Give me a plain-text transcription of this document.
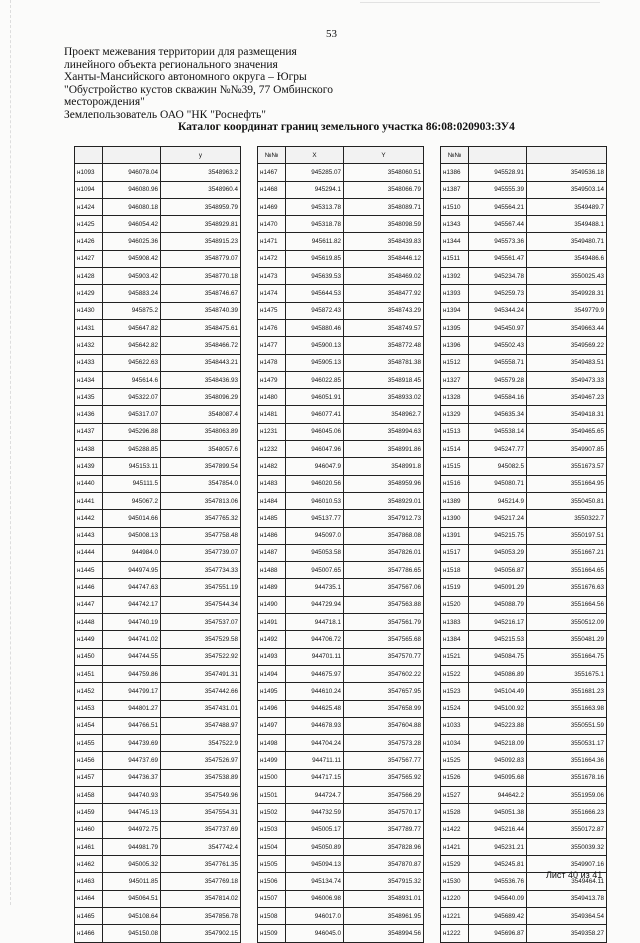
53
Проект межевания территории для размещения
линейного объекта регионального значения
Ханты-Мансийского автономного округа – Югры
"Обустройство кустов скважин №№39, 77 Омбинского
месторождения"
Землепользователь ОАО "НК "Роснефть"
Каталог координат границ земельного участка 86:08:020903:ЗУ4
		у
н1093	946078.04	3548963.2
н1094	946080.96	3548960.4
н1424	946080.18	3548959.79
н1425	946054.42	3548929.81
н1426	946025.36	3548915.23
н1427	945908.42	3548779.07
н1428	945903.42	3548770.18
н1429	945883.24	3548746.67
н1430	945875.2	3548740.39
н1431	945647.82	3548475.61
н1432	945642.82	3548466.72
н1433	945622.63	3548443.21
н1434	945614.6	3548436.93
н1435	945322.07	3548096.29
н1436	945317.07	3548087.4
н1437	945296.88	3548063.89
н1438	945288.85	3548057.6
н1439	945153.11	3547899.54
н1440	945111.5	3547854.0
н1441	945067.2	3547813.06
н1442	945014.66	3547765.32
н1443	945008.13	3547758.48
н1444	944984.0	3547739.07
н1445	944974.95	3547734.33
н1446	944747.63	3547551.19
н1447	944742.17	3547544.34
н1448	944740.19	3547537.07
н1449	944741.02	3547529.58
н1450	944744.55	3547522.92
н1451	944759.86	3547491.31
н1452	944799.17	3547442.66
н1453	944801.27	3547431.01
н1454	944766.51	3547488.97
н1455	944739.69	3547522.9
н1456	944737.69	3547526.97
н1457	944736.37	3547538.89
н1458	944740.93	3547549.96
н1459	944745.13	3547554.31
н1460	944972.75	3547737.69
н1461	944981.79	3547742.4
н1462	945005.32	3547761.35
н1463	945011.85	3547769.18
н1464	945064.51	3547814.02
н1465	945108.64	3547856.78
н1466	945150.08	3547902.15
№№	X	Y
н1467	945285.07	3548060.51
н1468	945294.1	3548066.79
н1469	945313.78	3548089.71
н1470	945318.78	3548098.59
н1471	945611.82	3548439.83
н1472	945619.85	3548446.12
н1473	945639.53	3548469.02
н1474	945644.53	3548477.92
н1475	945872.43	3548743.29
н1476	945880.46	3548749.57
н1477	945900.13	3548772.48
н1478	945905.13	3548781.38
н1479	946022.85	3548918.45
н1480	946051.91	3548933.02
н1481	946077.41	3548962.7
н1231	946045.06	3548994.63
н1232	946047.96	3548991.86
н1482	946047.9	3548991.8
н1483	946020.56	3548959.96
н1484	946010.53	3548929.01
н1485	945137.77	3547912.73
н1486	945097.0	3547868.08
н1487	945053.58	3547826.01
н1488	945007.65	3547786.65
н1489	944735.1	3547567.06
н1490	944729.94	3547563.88
н1491	944718.1	3547561.79
н1492	944706.72	3547565.68
н1493	944701.11	3547570.77
н1494	944675.97	3547602.22
н1495	944610.24	3547657.95
н1496	944625.48	3547658.99
н1497	944678.93	3547604.88
н1498	944704.24	3547573.28
н1499	944711.11	3547567.77
н1500	944717.15	3547565.92
н1501	944724.7	3547566.29
н1502	944732.59	3547570.17
н1503	945005.17	3547789.77
н1504	945050.89	3547828.96
н1505	945094.13	3547870.87
н1506	945134.74	3547915.32
н1507	946006.98	3548931.01
н1508	946017.0	3548961.95
н1509	946045.0	3548994.56
№№		
н1386	945528.91	3549536.18
н1387	945555.39	3549503.14
н1510	945564.21	3549489.7
н1343	945567.44	3549488.1
н1344	945573.36	3549480.71
н1511	945561.47	3549486.6
н1392	945234.78	3550025.43
н1393	945259.73	3549928.31
н1394	945344.24	3549779.9
н1395	945450.97	3549663.44
н1396	945502.43	3549569.22
н1512	945558.71	3549483.51
н1327	945579.28	3549473.33
н1328	945584.16	3549467.23
н1329	945635.34	3549418.31
н1513	945538.14	3549465.65
н1514	945247.77	3549907.85
н1515	945082.5	3551673.57
н1516	945080.71	3551664.95
н1389	945214.9	3550450.81
н1390	945217.24	3550322.7
н1391	945215.75	3550197.51
н1517	945053.29	3551667.21
н1518	945056.87	3551664.65
н1519	945091.29	3551676.63
н1520	945088.79	3551664.56
н1383	945216.17	3550512.09
н1384	945215.53	3550481.29
н1521	945084.75	3551664.75
н1522	945086.89	3551675.1
н1523	945104.49	3551681.23
н1524	945100.92	3551663.98
н1033	945223.88	3550551.59
н1034	945218.09	3550531.17
н1525	945092.83	3551664.36
н1526	945095.68	3551678.16
н1527	944642.2	3551959.06
н1528	945051.38	3551666.23
н1422	945216.44	3550172.87
н1421	945231.21	3550039.32
н1529	945245.81	3549907.16
н1530	945536.76	3549464.11
н1220	945640.09	3549413.78
н1221	945689.42	3549364.54
н1222	945696.87	3549358.27
Лист 40 из 41
